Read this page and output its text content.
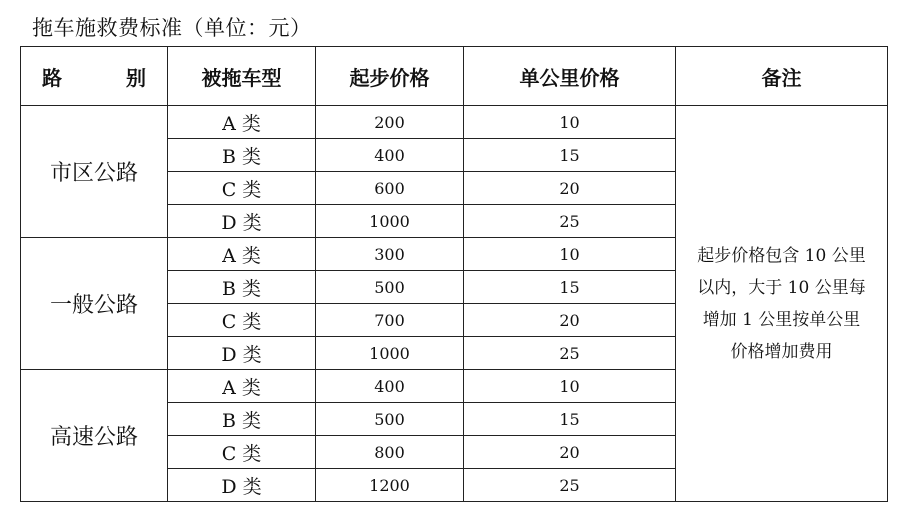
拖车施救费标准（单位：元）
路 别	被拖车型	起步价格	单公里价格	备注
市区公路	A 类	200	10	起步价格包含 10 公里
以内，大于 10 公里每
增加 1 公里按单公里
价格增加费用

	B 类	400	15	
	C 类	600	20	
	D 类	1000	25	
一般公路	A 类	300	10	
	B 类	500	15	
	C 类	700	20	
	D 类	1000	25	
高速公路	A 类	400	10	
	B 类	500	15	
	C 类	800	20	
	D 类	1200	25	
